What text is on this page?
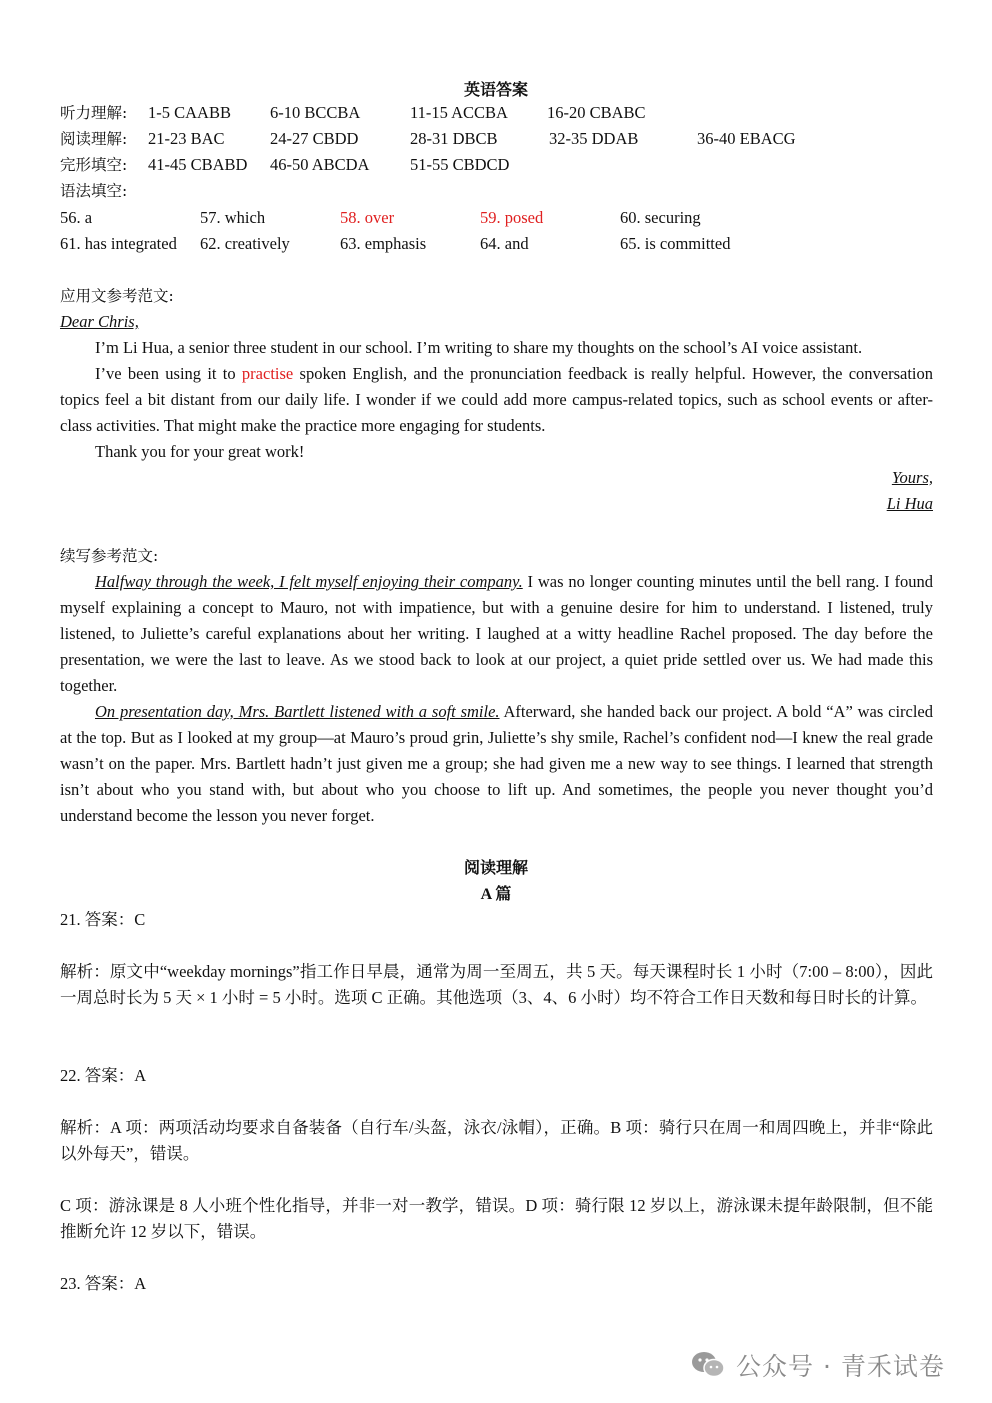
英语答案
听力理解: 1-5 CAABB 6-10 BCCBA	11-15 ACCBA 16-20 CBABC
阅读理解: 21-23 BAC	24-27 CBDD	28-31 DBCB	32-35 DDAB	36-40 EBACG
完形填空: 41-45 CBABD 46-50 ABCDA 51-55 CBDCD
语法填空:
56. a	57. which	58. over	59. posed	60. securing
61. has integrated 62. creatively	63. emphasis	64. and	65. is committed
应用文参考范文:
Dear Chris,

I’m Li Hua, a senior three student in our school. I’m writing to share my thoughts on the school’s AI voice assistant.

I’ve been using it to practise spoken English, and the pronunciation feedback is really helpful. However, the conversation topics feel a bit distant from our daily life. I wonder if we could add more campus-related topics, such as school events or after-class activities. That might make the practice more engaging for students.

Thank you for your great work!

Yours,
Li Hua
续写参考范文:

Halfway through the week, I felt myself enjoying their company. I was no longer counting minutes until the bell rang. I found myself explaining a concept to Mauro, not with impatience, but with a genuine desire for him to understand. I listened, truly listened, to Juliette’s careful explanations about her writing. I laughed at a witty headline Rachel proposed. The day before the presentation, we were the last to leave. As we stood back to look at our project, a quiet pride settled over us. We had made this together.

On presentation day, Mrs. Bartlett listened with a soft smile. Afterward, she handed back our project. A bold “A” was circled at the top. But as I looked at my group—at Mauro’s proud grin, Juliette’s shy smile, Rachel’s confident nod—I knew the real grade wasn’t on the paper. Mrs. Bartlett hadn’t just given me a group; she had given me a new way to see things. I learned that strength isn’t about who you stand with, but about who you choose to lift up. And sometimes, the people you never thought you’d understand become the lesson you never forget.

阅读理解
A 篇
21. 答案：C

解析：原文中“weekday mornings”指工作日早晨，通常为周一至周五，共 5 天。每天课程时长 1 小时（7:00 – 8:00），因此一周总时长为 5 天 × 1 小时 = 5 小时。选项 C 正确。其他选项（3、4、6 小时）均不符合工作日天数和每日时长的计算。

22. 答案：A

解析：A 项：两项活动均要求自备装备（自行车/头盔，泳衣/泳帽），正确。B 项：骑行只在周一和周四晚上，并非“除此以外每天”，错误。

C 项：游泳课是 8 人小班个性化指导，并非一对一教学，错误。D 项：骑行限 12 岁以上，游泳课未提年龄限制，但不能推断允许 12 岁以下，错误。

23. 答案：A
公众号 · 青禾试卷
